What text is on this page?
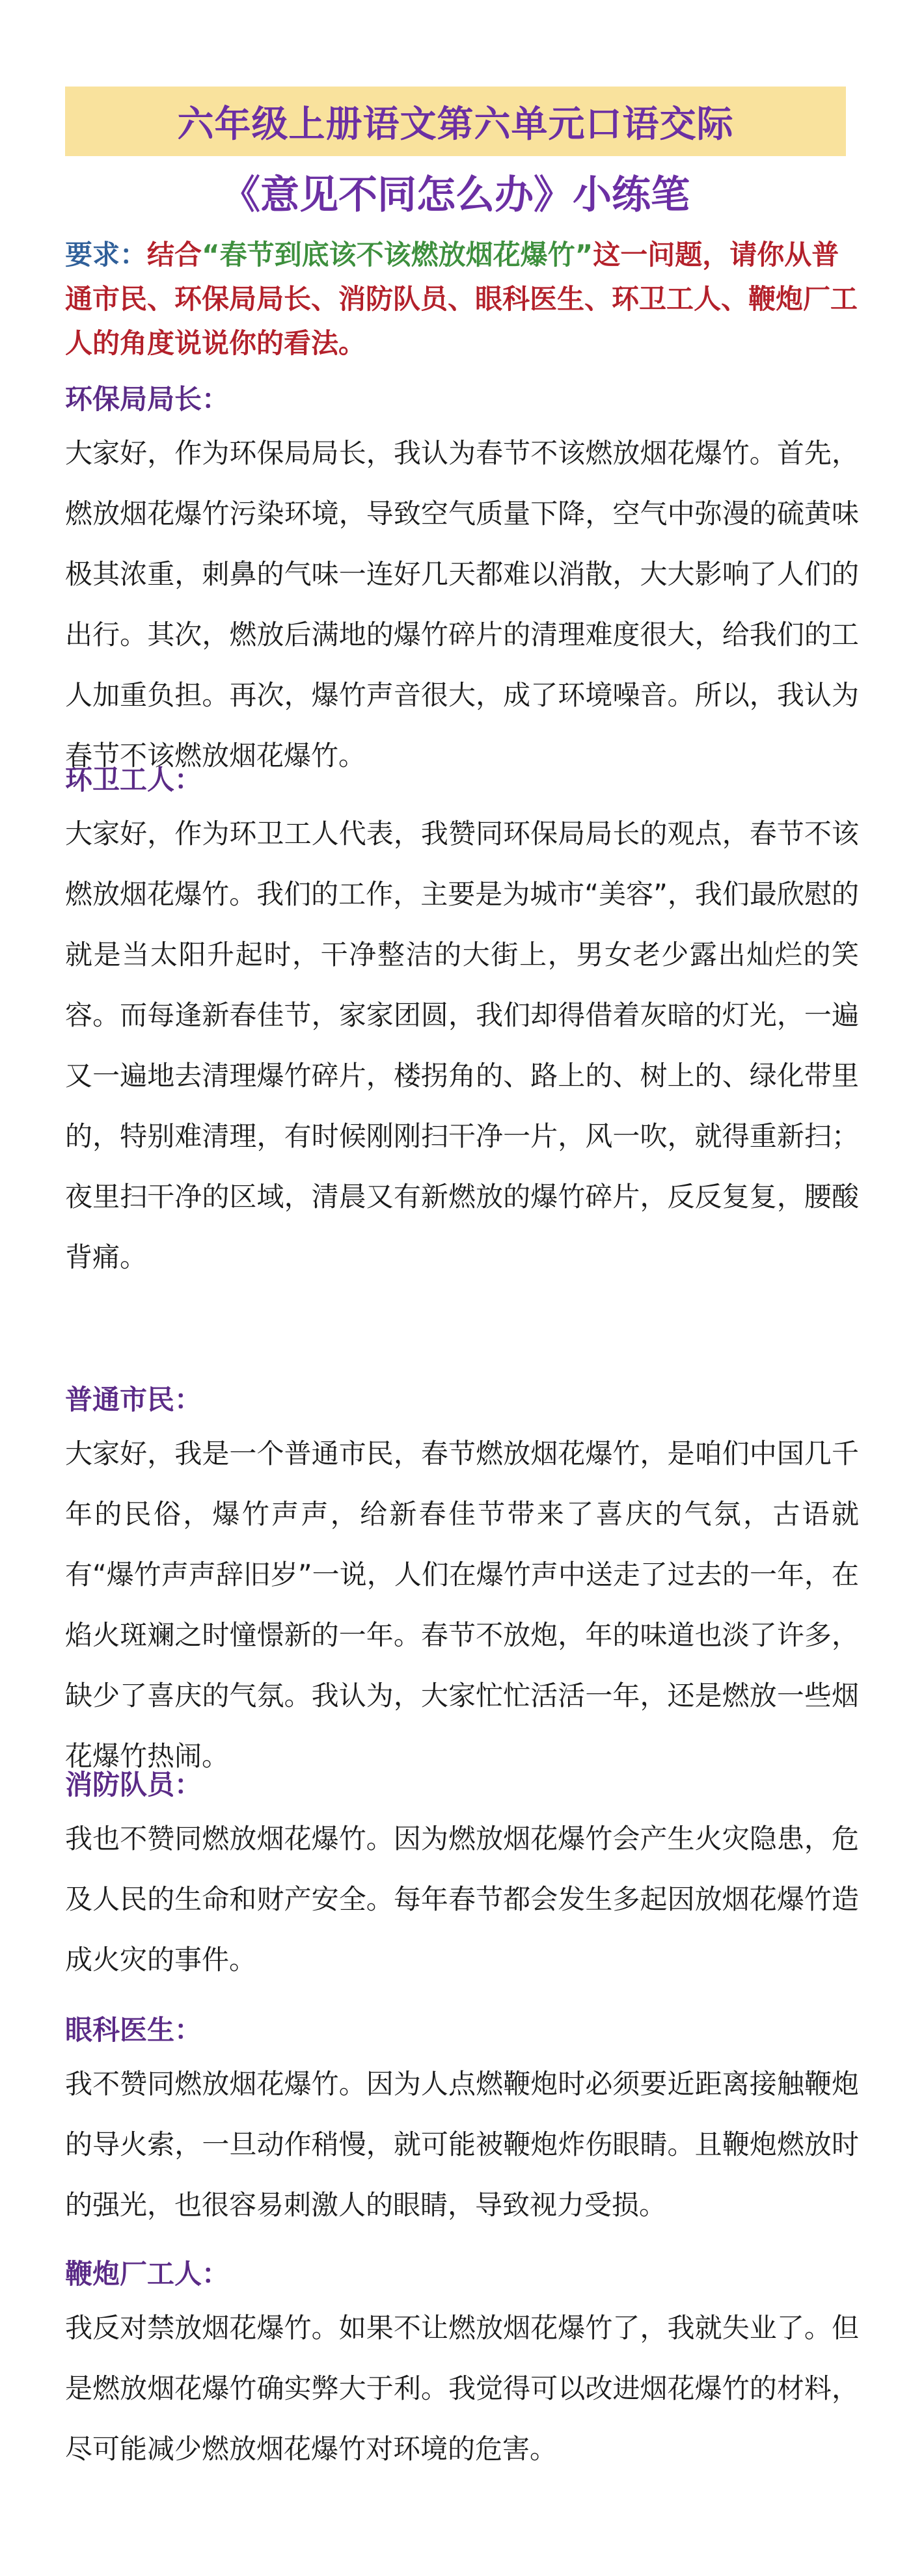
六年级上册语文第六单元口语交际
《意见不同怎么办》小练笔
要求：结合“春节到底该不该燃放烟花爆竹”这一问题，请你从普通市民、环保局局长、消防队员、眼科医生、环卫工人、鞭炮厂工人的角度说说你的看法。
环保局局长：

大家好，作为环保局局长，我认为春节不该燃放烟花爆竹。首先，燃放烟花爆竹污染环境，导致空气质量下降，空气中弥漫的硫黄味极其浓重，刺鼻的气味一连好几天都难以消散，大大影响了人们的出行。其次，燃放后满地的爆竹碎片的清理难度很大，给我们的工人加重负担。再次，爆竹声音很大，成了环境噪音。所以，我认为春节不该燃放烟花爆竹。

环卫工人：

大家好，作为环卫工人代表，我赞同环保局局长的观点，春节不该燃放烟花爆竹。我们的工作，主要是为城市“美容”，我们最欣慰的就是当太阳升起时，干净整洁的大街上，男女老少露出灿烂的笑容。而每逢新春佳节，家家团圆，我们却得借着灰暗的灯光，一遍又一遍地去清理爆竹碎片，楼拐角的、路上的、树上的、绿化带里的，特别难清理，有时候刚刚扫干净一片，风一吹，就得重新扫；夜里扫干净的区域，清晨又有新燃放的爆竹碎片，反反复复，腰酸背痛。

普通市民：

大家好，我是一个普通市民，春节燃放烟花爆竹，是咱们中国几千年的民俗，爆竹声声，给新春佳节带来了喜庆的气氛，古语就有“爆竹声声辞旧岁”一说，人们在爆竹声中送走了过去的一年，在焰火斑斓之时憧憬新的一年。春节不放炮，年的味道也淡了许多，缺少了喜庆的气氛。我认为，大家忙忙活活一年，还是燃放一些烟花爆竹热闹。

消防队员：

我也不赞同燃放烟花爆竹。因为燃放烟花爆竹会产生火灾隐患，危及人民的生命和财产安全。每年春节都会发生多起因放烟花爆竹造成火灾的事件。

眼科医生：

我不赞同燃放烟花爆竹。因为人点燃鞭炮时必须要近距离接触鞭炮的导火索，一旦动作稍慢，就可能被鞭炮炸伤眼睛。且鞭炮燃放时的强光，也很容易刺激人的眼睛，导致视力受损。

鞭炮厂工人：

我反对禁放烟花爆竹。如果不让燃放烟花爆竹了，我就失业了。但是燃放烟花爆竹确实弊大于利。我觉得可以改进烟花爆竹的材料，尽可能减少燃放烟花爆竹对环境的危害。
